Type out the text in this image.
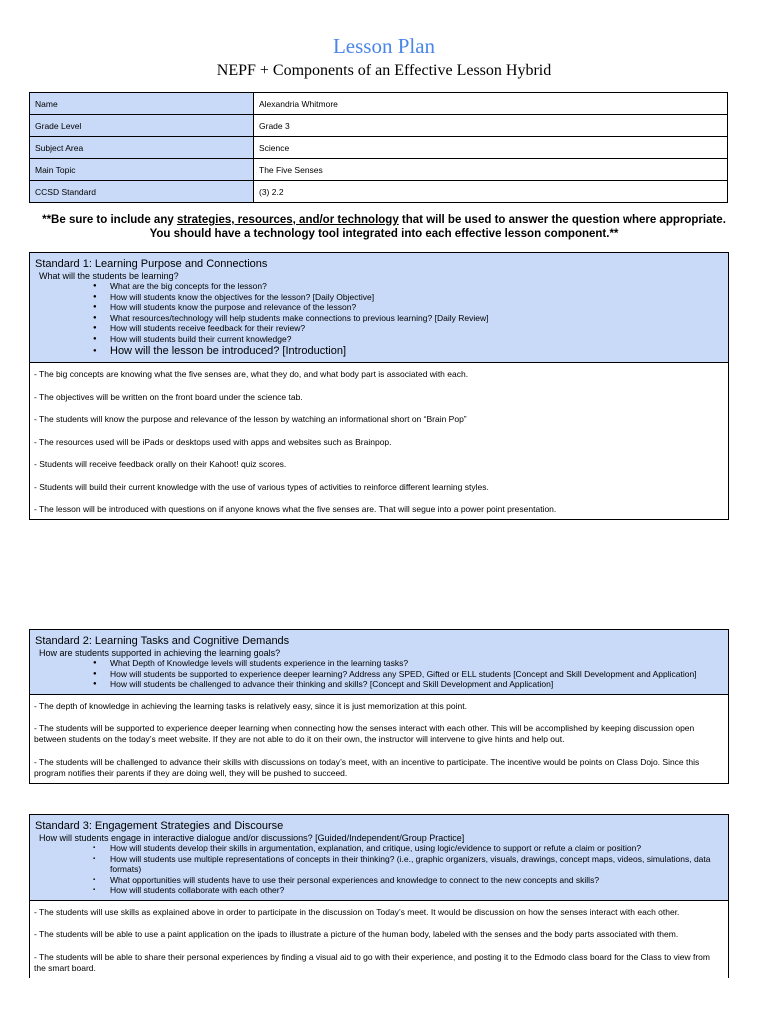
Lesson Plan
NEPF + Components of an Effective Lesson Hybrid
Name	Alexandria Whitmore
Grade Level	Grade 3
Subject Area	Science
Main Topic	The Five Senses
CCSD Standard	(3) 2.2
**Be sure to include any strategies, resources, and/or technology that will be used to answer the question where appropriate. You should have a technology tool integrated into each effective lesson component.**
Standard 1: Learning Purpose and Connections
What will the students be learning?
● What are the big concepts for the lesson?
● How will students know the objectives for the lesson? [Daily Objective]
● How will students know the purpose and relevance of the lesson?
● What resources/technology will help students make connections to previous learning? [Daily Review]
● How will students receive feedback for their review?
● How will students build their current knowledge?
● How will the lesson be introduced? [Introduction]

- The big concepts are knowing what the five senses are, what they do, and what body part is associated with each.

- The objectives will be written on the front board under the science tab.

- The students will know the purpose and relevance of the lesson by watching an informational short on “Brain Pop”

- The resources used will be iPads or desktops used with apps and websites such as Brainpop.

- Students will receive feedback orally on their Kahoot! quiz scores.

- Students will build their current knowledge with the use of various types of activities to reinforce different learning styles.

- The lesson will be introduced with questions on if anyone knows what the five senses are. That will segue into a power point presentation.

Standard 2: Learning Tasks and Cognitive Demands
How are students supported in achieving the learning goals?
● What Depth of Knowledge levels will students experience in the learning tasks?
● How will students be supported to experience deeper learning? Address any SPED, Gifted or ELL students [Concept and Skill Development and Application]
● How will students be challenged to advance their thinking and skills? [Concept and Skill Development and Application]

- The depth of knowledge in achieving the learning tasks is relatively easy, since it is just memorization at this point.

- The students will be supported to experience deeper learning when connecting how the senses interact with each other. This will be accomplished by keeping discussion open between students on the today’s meet website. If they are not able to do it on their own, the instructor will intervene to give hints and help out.

- The students will be challenged to advance their skills with discussions on today’s meet, with an incentive to participate. The incentive would be points on Class Dojo. Since this program notifies their parents if they are doing well, they will be pushed to succeed.

Standard 3: Engagement Strategies and Discourse
How will students engage in interactive dialogue and/or discussions? [Guided/Independent/Group Practice]
▪ How will students develop their skills in argumentation, explanation, and critique, using logic/evidence to support or refute a claim or position?
▪ How will students use multiple representations of concepts in their thinking? (i.e., graphic organizers, visuals, drawings, concept maps, videos, simulations, data formats)
▪ What opportunities will students have to use their personal experiences and knowledge to connect to the new concepts and skills?
▪ How will students collaborate with each other?

- The students will use skills as explained above in order to participate in the discussion on Today’s meet. It would be discussion on how the senses interact with each other.

- The students will be able to use a paint application on the ipads to illustrate a picture of the human body, labeled with the senses and the body parts associated with them.

- The students will be able to share their personal experiences by finding a visual aid to go with their experience, and posting it to the Edmodo class board for the Class to view from the smart board.
